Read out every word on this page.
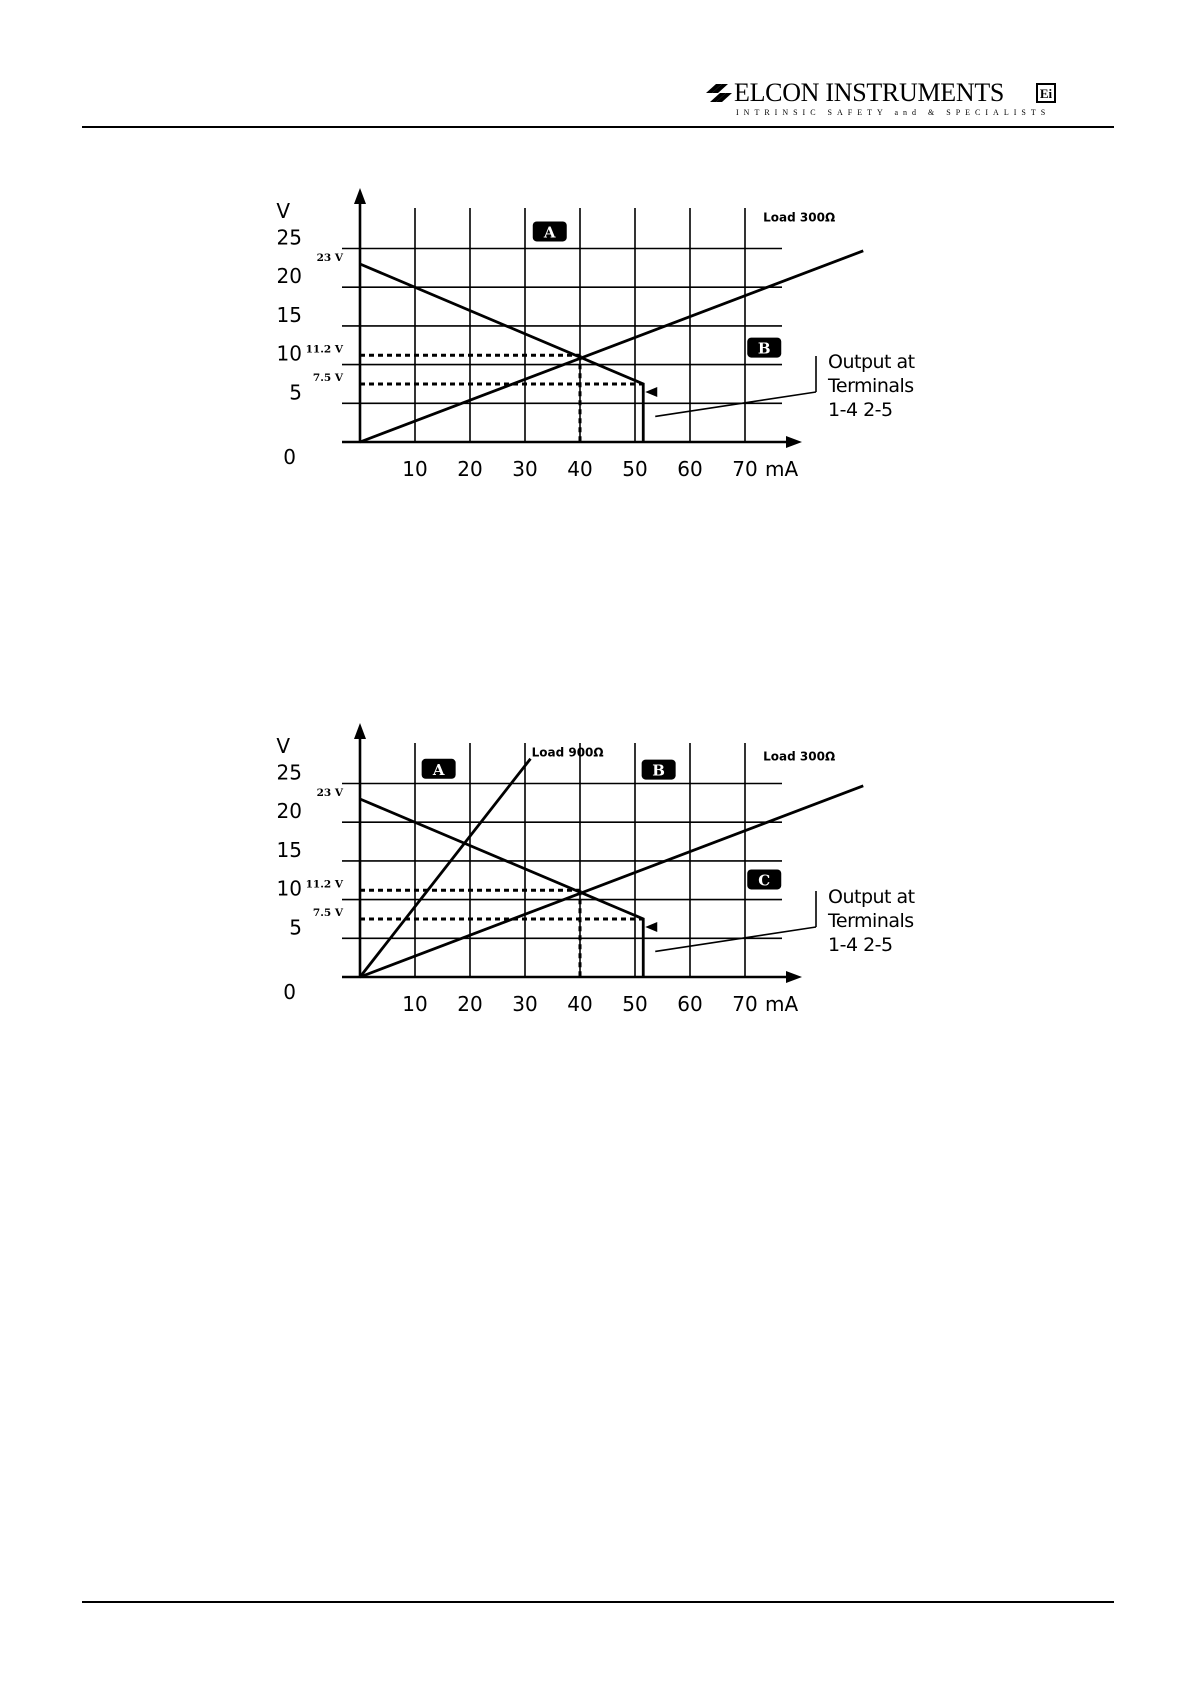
ELCON INSTRUMENTS	Ei
INTRINSIC SAFETY and & SPECIALISTS
25
20
15
10
5
0	10 20 30 40 50 60 70 mA
V
23 V
11.2 V
7.5 V
Load 300Ω
A
B
Output at
Terminals
1-4 2-5
25
20
15
10
5
0	10 20 30 40 50 60 70 mA
V
23 V
11.2 V
7.5 V
Load 900Ω	Load 300Ω
A	B
C
Output at
Terminals
1-4 2-5
